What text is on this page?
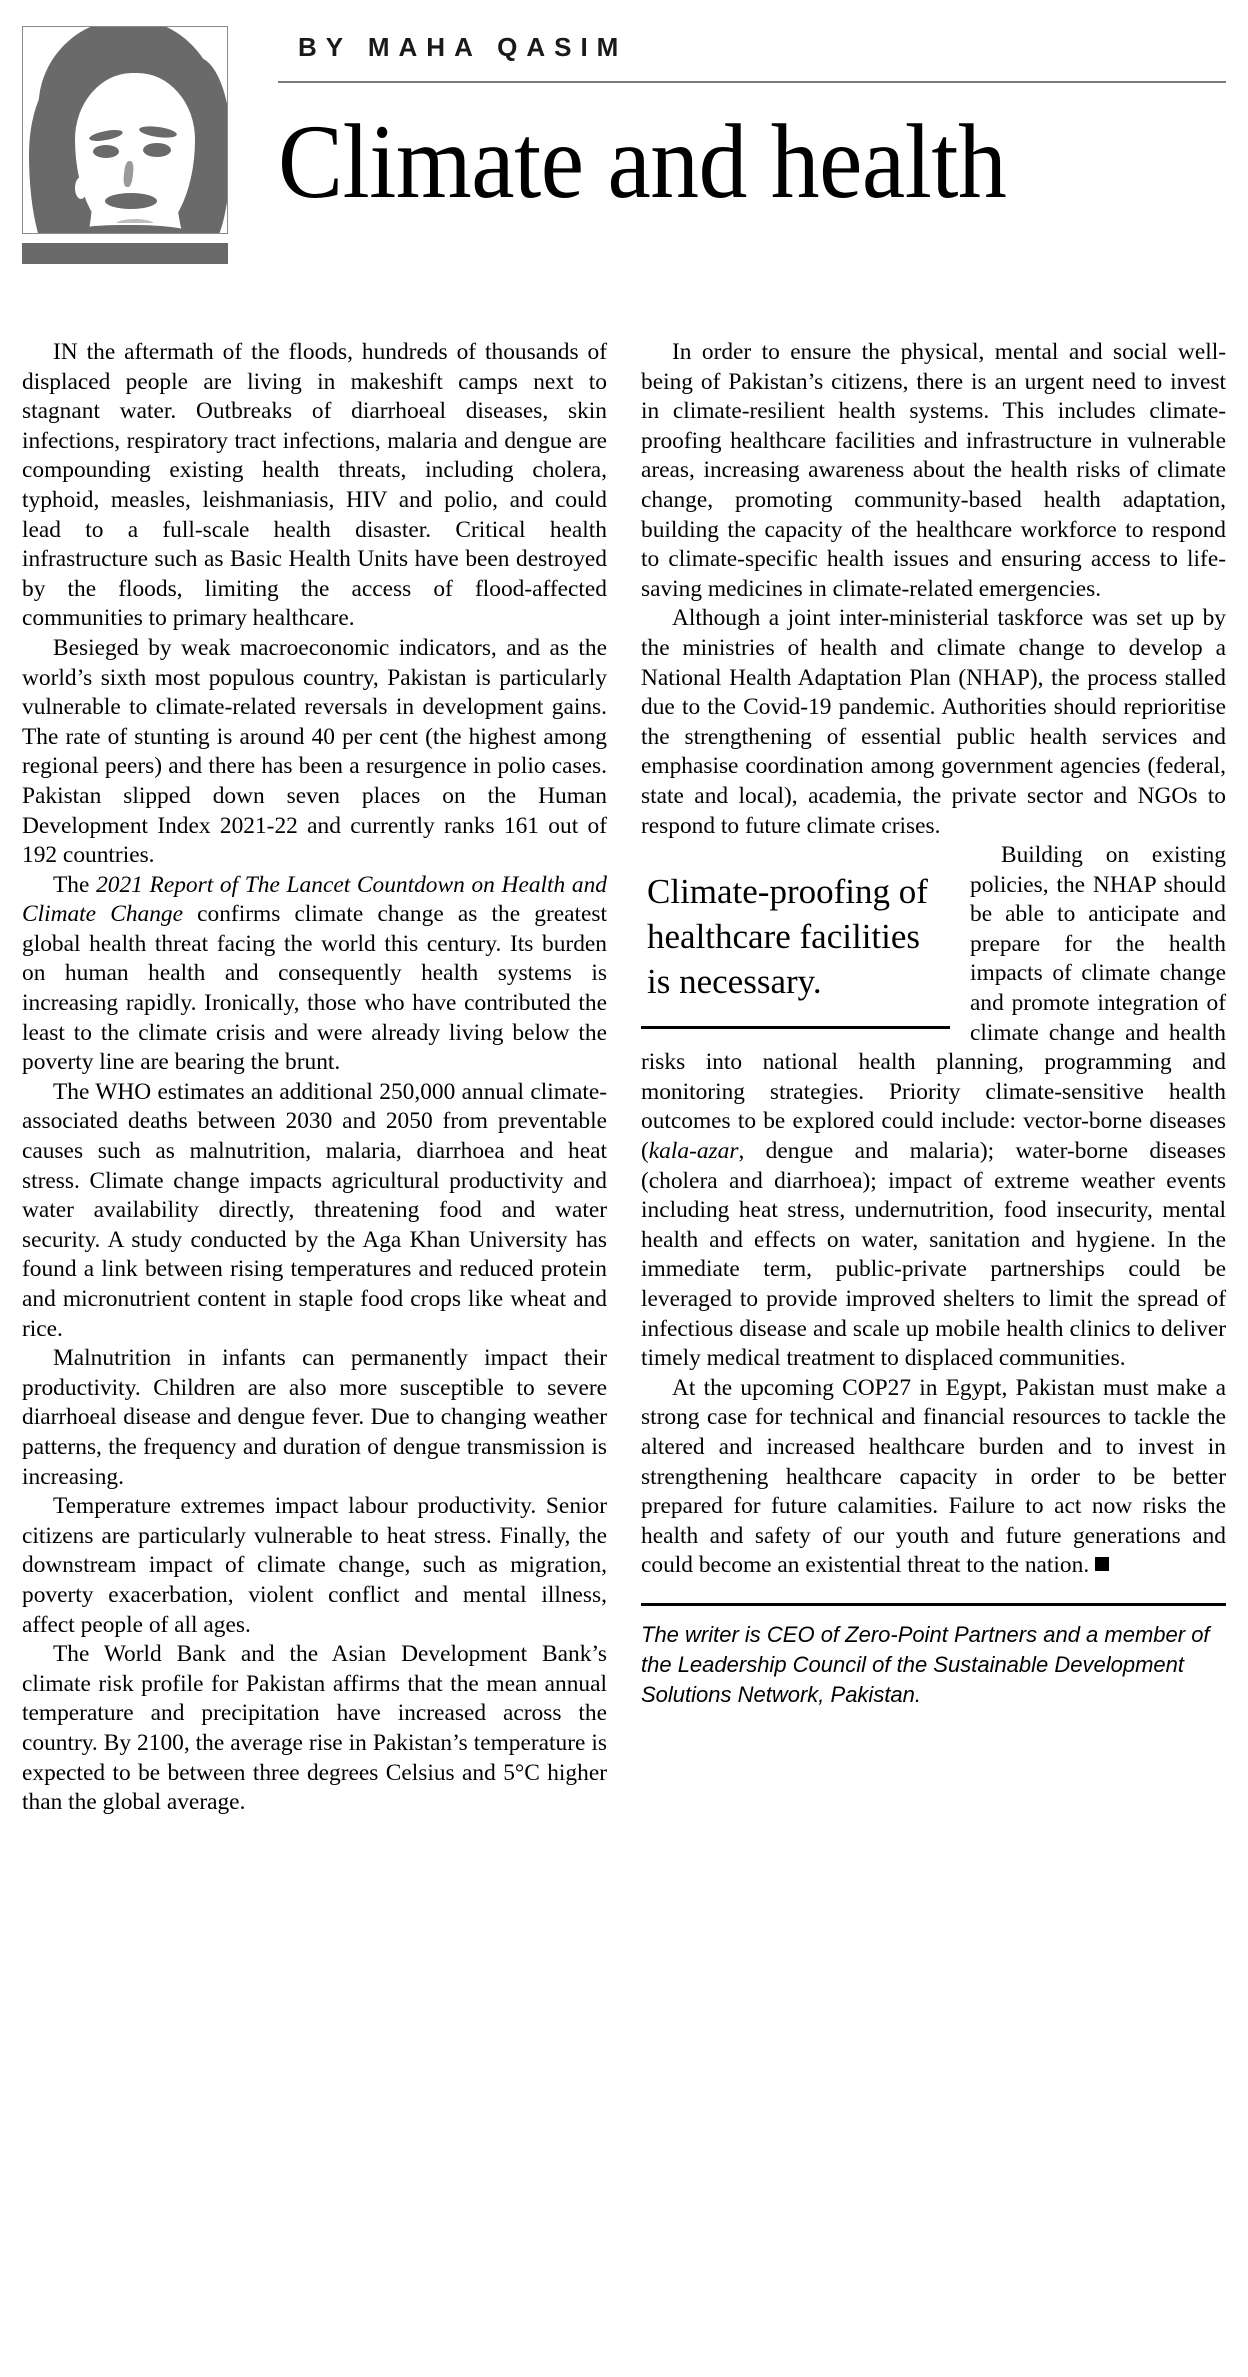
BY MAHA QASIM
Climate and health

IN the aftermath of the floods, hundreds of thousands of displaced people are living in makeshift camps next to stagnant water. Outbreaks of diarrhoeal diseases, skin infections, respiratory tract infections, malaria and dengue are compounding existing health threats, including cholera, typhoid, measles, leishmaniasis, HIV and polio, and could lead to a full-scale health disaster. Critical health infrastructure such as Basic Health Units have been destroyed by the floods, limiting the access of flood-affected communities to primary healthcare.

Besieged by weak macroeconomic indicators, and as the world’s sixth most populous country, Pakistan is particularly vulnerable to climate-related reversals in development gains. The rate of stunting is around 40 per cent (the highest among regional peers) and there has been a resurgence in polio cases. Pakistan slipped down seven places on the Human Development Index 2021-22 and currently ranks 161 out of 192 countries.

The 2021 Report of The Lancet Countdown on Health and Climate Change confirms climate change as the greatest global health threat facing the world this century. Its burden on human health and consequently health systems is increasing rapidly. Ironically, those who have contributed the least to the climate crisis and were already living below the poverty line are bearing the brunt.

The WHO estimates an additional 250,000 annual climate-associated deaths between 2030 and 2050 from preventable causes such as malnutrition, malaria, diarrhoea and heat stress. Climate change impacts agricultural productivity and water availability directly, threatening food and water security. A study conducted by the Aga Khan University has found a link between rising temperatures and reduced protein and micronutrient content in staple food crops like wheat and rice.

Malnutrition in infants can permanently impact their productivity. Children are also more susceptible to severe diarrhoeal disease and dengue fever. Due to changing weather patterns, the frequency and duration of dengue transmission is increasing.

Temperature extremes impact labour productivity. Senior citizens are particularly vulnerable to heat stress. Finally, the downstream impact of climate change, such as migration, poverty exacerbation, violent conflict and mental illness, affect people of all ages.

The World Bank and the Asian Development Bank’s climate risk profile for Pakistan affirms that the mean annual temperature and precipitation have increased across the country. By 2100, the average rise in Pakistan’s temperature is expected to be between three degrees Celsius and 5°C higher than the global average.

In order to ensure the physical, mental and social well-being of Pakistan’s citizens, there is an urgent need to invest in climate-resilient health systems. This includes climate-proofing healthcare facilities and infrastructure in vulnerable areas, increasing awareness about the health risks of climate change, promoting community-based health adaptation, building the capacity of the healthcare workforce to respond to climate-specific health issues and ensuring access to life-saving medicines in climate-related emergencies.

Although a joint inter-ministerial taskforce was set up by the ministries of health and climate change to develop a National Health Adaptation Plan (NHAP), the process stalled due to the Covid-19 pandemic. Authorities should reprioritise the strengthening of essential public health services and emphasise coordination among government agencies (federal, state and local), academia, the private sector and NGOs to respond to future climate crises.

Climate-proofing of healthcare facilities is necessary.
Building on existing policies, the NHAP should be able to anticipate and prepare for the health impacts of climate change and promote integration of climate change and health risks into national health planning, programming and monitoring strategies. Priority climate-sensitive health outcomes to be explored could include: vector-borne diseases (kala-azar, dengue and malaria); water-borne diseases (cholera and diarrhoea); impact of extreme weather events including heat stress, undernutrition, food insecurity, mental health and effects on water, sanitation and hygiene. In the immediate term, public-private partnerships could be leveraged to provide improved shelters to limit the spread of infectious disease and scale up mobile health clinics to deliver timely medical treatment to displaced communities.

At the upcoming COP27 in Egypt, Pakistan must make a strong case for technical and financial resources to tackle the altered and increased healthcare burden and to invest in strengthening healthcare capacity in order to be better prepared for future calamities. Failure to act now risks the health and safety of our youth and future generations and could become an existential threat to the nation.

The writer is CEO of Zero-Point Partners and a member of the Leadership Council of the Sustainable Development Solutions Network, Pakistan.
